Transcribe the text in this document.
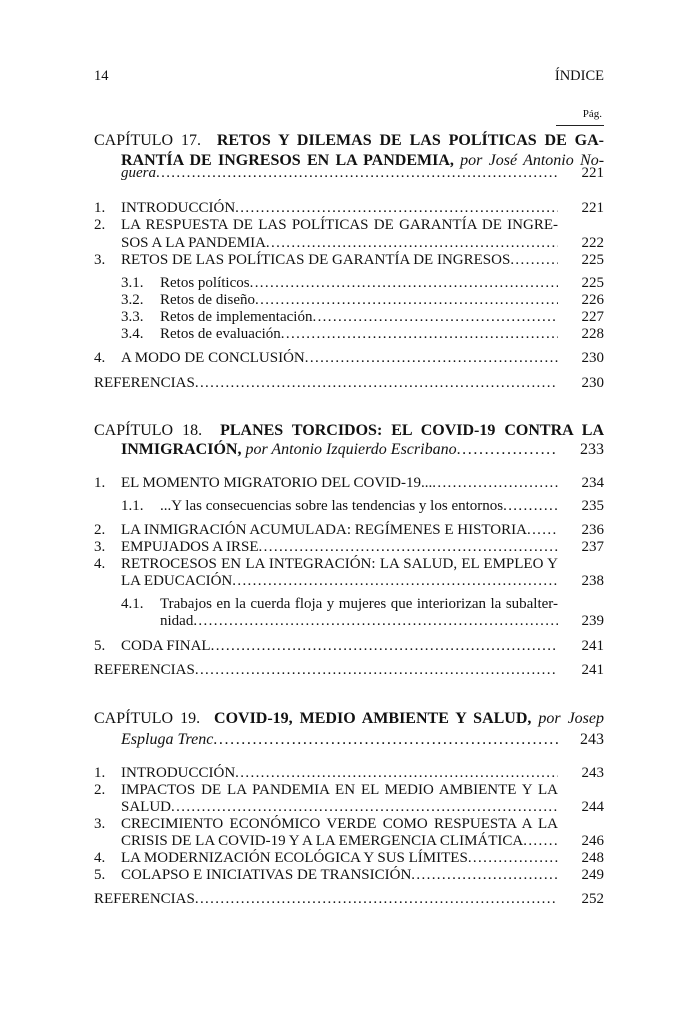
14	ÍNDICE
Pág.
CAPÍTULO 17. RETOS Y DILEMAS DE LAS POLÍTICAS DE GA-
RANTÍA DE INGRESOS EN LA PANDEMIA, por José Antonio No-
guera . . .	221
1. INTRODUCCIÓN . . .	221
2. LA RESPUESTA DE LAS POLÍTICAS DE GARANTÍA DE INGRE-
SOS A LA PANDEMIA . . .	222
3. RETOS DE LAS POLÍTICAS DE GARANTÍA DE INGRESOS . . .	225
3.1. Retos políticos . . .	225
3.2. Retos de diseño . . .	226
3.3. Retos de implementación . . .	227
3.4. Retos de evaluación . . .	228
4. A MODO DE CONCLUSIÓN . . .	230
REFERENCIAS . . .	230
CAPÍTULO 18. PLANES TORCIDOS: EL COVID-19 CONTRA LA
INMIGRACIÓN,
por Antonio Izquierdo Escribano . . .	233
1. EL MOMENTO MIGRATORIO DEL COVID-19... . . .	234
1.1. ...Y las consecuencias sobre las tendencias y los entornos . . .	235
2. LA INMIGRACIÓN ACUMULADA: REGÍMENES E HISTORIA . . .	236
3. EMPUJADOS A IRSE . . .	237
4. RETROCESOS EN LA INTEGRACIÓN: LA SALUD, EL EMPLEO Y
LA EDUCACIÓN . . .	238
4.1. Trabajos en la cuerda floja y mujeres que interiorizan la subalter-
nidad . . .	239
5. CODA FINAL . . .	241
REFERENCIAS . . .	241
CAPÍTULO 19. COVID-19, MEDIO AMBIENTE Y SALUD, por Josep
Espluga Trenc . . .	243
1. INTRODUCCIÓN . . .	243
2. IMPACTOS DE LA PANDEMIA EN EL MEDIO AMBIENTE Y LA
SALUD . . .	244
3. CRECIMIENTO ECONÓMICO VERDE COMO RESPUESTA A LA
CRISIS DE LA COVID-19 Y A LA EMERGENCIA CLIMÁTICA . . .	246
4. LA MODERNIZACIÓN ECOLÓGICA Y SUS LÍMITES . . .	248
5. COLAPSO E INICIATIVAS DE TRANSICIÓN . . .	249
REFERENCIAS . . .	252
